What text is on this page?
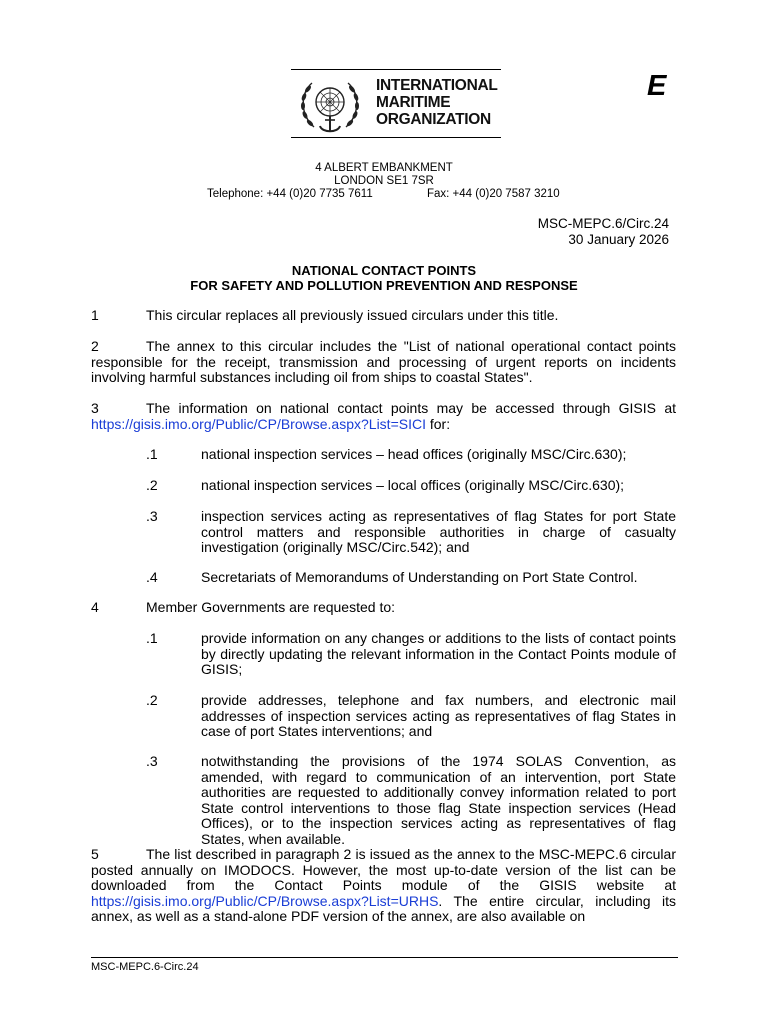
INTERNATIONAL
MARITIME
ORGANIZATION
E
4 ALBERT EMBANKMENT
LONDON SE1 7SR
Telephone: +44 (0)20 7735 7611	Fax: +44 (0)20 7587 3210
MSC-MEPC.6/Circ.24
30 January 2026
NATIONAL CONTACT POINTS
FOR SAFETY AND POLLUTION PREVENTION AND RESPONSE
1	This circular replaces all previously issued circulars under this title.
2	The annex to this circular includes the "List of national operational contact points responsible for the receipt, transmission and processing of urgent reports on incidents involving harmful substances including oil from ships to coastal States".
3	The information on national contact points may be accessed through GISIS at https://gisis.imo.org/Public/CP/Browse.aspx?List=SICI for:
.1	national inspection services – head offices (originally MSC/Circ.630);
.2	national inspection services – local offices (originally MSC/Circ.630);
.3	inspection services acting as representatives of flag States for port State control matters and responsible authorities in charge of casualty investigation (originally MSC/Circ.542); and
.4	Secretariats of Memorandums of Understanding on Port State Control.
4	Member Governments are requested to:
.1	provide information on any changes or additions to the lists of contact points by directly updating the relevant information in the Contact Points module of GISIS;
.2	provide addresses, telephone and fax numbers, and electronic mail addresses of inspection services acting as representatives of flag States in case of port States interventions; and
.3	notwithstanding the provisions of the 1974 SOLAS Convention, as amended, with regard to communication of an intervention, port State authorities are requested to additionally convey information related to port State control interventions to those flag State inspection services (Head Offices), or to the inspection services acting as representatives of flag States, when available.
5	The list described in paragraph 2 is issued as the annex to the MSC-MEPC.6 circular posted annually on IMODOCS. However, the most up-to-date version of the list can be downloaded from the Contact Points module of the GISIS website at https://gisis.imo.org/Public/CP/Browse.aspx?List=URHS. The entire circular, including its annex, as well as a stand-alone PDF version of the annex, are also available on
MSC-MEPC.6-Circ.24
